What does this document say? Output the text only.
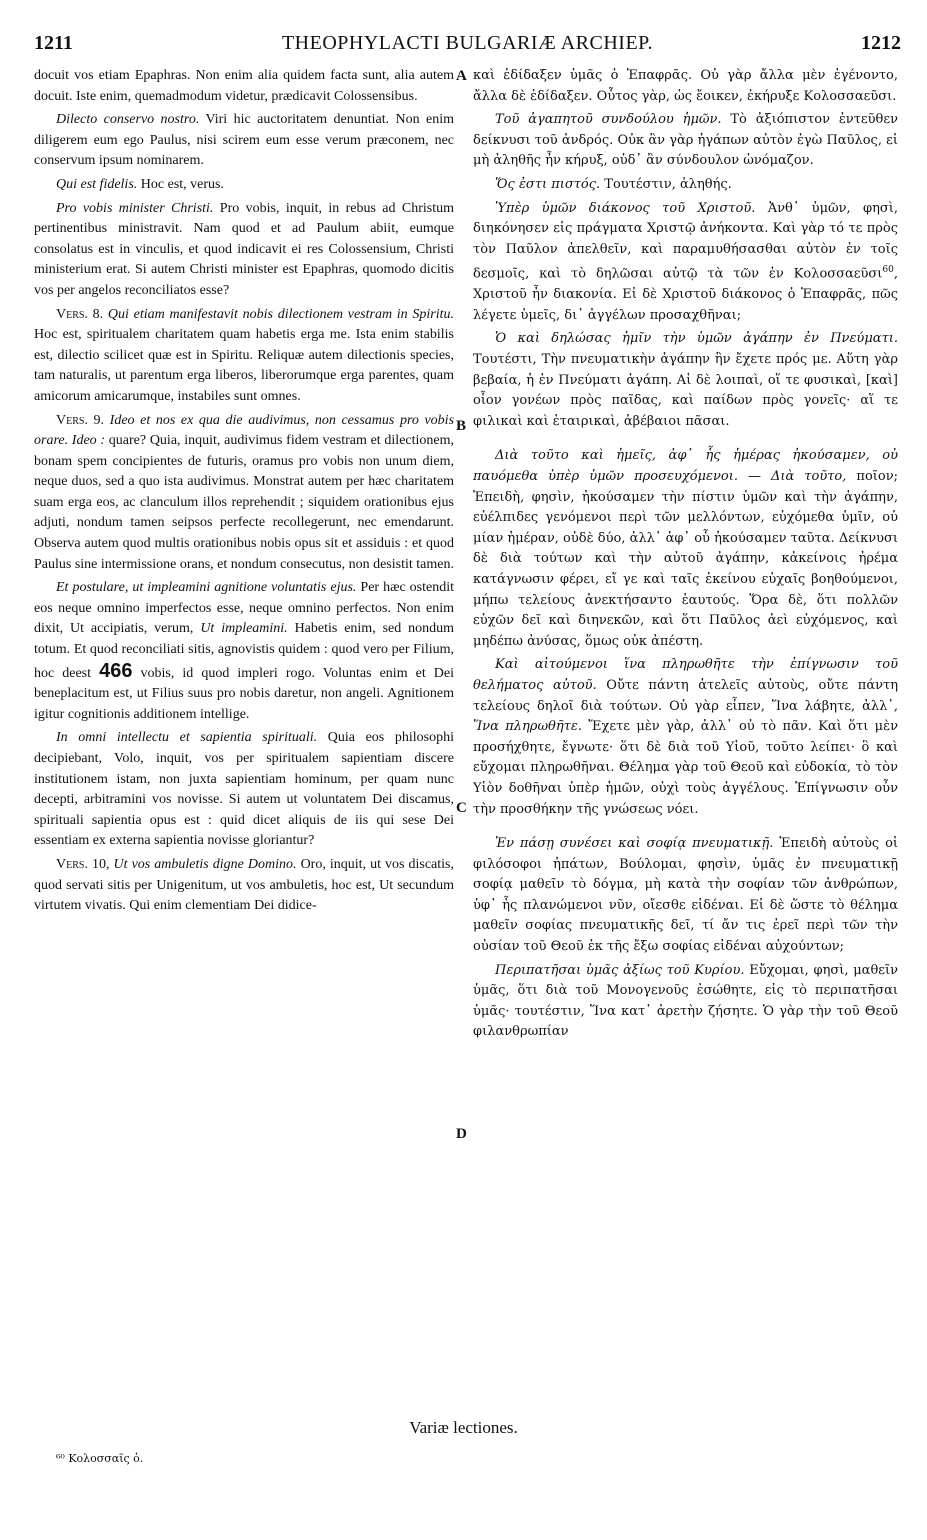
1211	THEOPHYLACTI BULGARIÆ ARCHIEP.	1212

docuit vos etiam Epaphras. Non enim alia quidem facta sunt, alia autem docuit. Iste enim, quemadmodum videtur, prædicavit Colossensibus.

Dilecto conservo nostro. Viri hic auctoritatem denuntiat. Non enim diligerem eum ego Paulus, nisi scirem eum esse verum præconem, nec conservum ipsum nominarem.

Qui est fidelis. Hoc est, verus.

Pro vobis minister Christi. Pro vobis, inquit, in rebus ad Christum pertinentibus ministravit. Nam quod et ad Paulum abiit, eumque consolatus est in vinculis, et quod indicavit ei res Colossensium, Christi ministerium erat. Si autem Christi minister est Epaphras, quomodo dicitis vos per angelos reconciliatos esse?

Vers. 8. Qui etiam manifestavit nobis dilectionem vestram in Spiritu. Hoc est, spiritualem charitatem quam habetis erga me. Ista enim stabilis est, dilectio scilicet quæ est in Spiritu. Reliquæ autem dilectionis species, tam naturalis, ut parentum erga liberos, liberorumque erga parentes, quam amicorum amicarumque, instabiles sunt omnes.

Vers. 9. Ideo et nos ex qua die audivimus, non cessamus pro vobis orare. Ideo : quare? Quia, inquit, audivimus fidem vestram et dilectionem, bonam spem concipientes de futuris, oramus pro vobis non unum diem, neque duos, sed a quo ista audivimus. Monstrat autem per hæc charitatem suam erga eos, ac clanculum illos reprehendit ; siquidem orationibus ejus adjuti, nondum tamen seipsos perfecte recollegerunt, nec emendarunt. Observa autem quod multis orationibus nobis opus sit et assiduis : et quod Paulus sine intermissione orans, et nondum consecutus, non desistit tamen.

Et postulare, ut impleamini agnitione voluntatis ejus. Per hæc ostendit eos neque omnino imperfectos esse, neque omnino perfectos. Non enim dixit, Ut accipiatis, verum, Ut impleamini. Habetis enim, sed nondum totum. Et quod reconciliati sitis, agnovistis quidem : quod vero per Filium, hoc deest 466 vobis, id quod impleri rogo. Voluntas enim et Dei beneplacitum est, ut Filius suus pro nobis daretur, non angeli. Agnitionem igitur cognitionis additionem intellige.

In omni intellectu et sapientia spirituali. Quia eos philosophi decipiebant, Volo, inquit, vos per spiritualem sapientiam discere institutionem istam, non juxta sapientiam hominum, per quam nunc decepti, arbitramini vos novisse. Si autem ut voluntatem Dei discamus, spirituali sapientia opus est : quid dicet aliquis de iis qui sese Dei essentiam ex externa sapientia novisse gloriantur?

Vers. 10, Ut vos ambuletis digne Domino. Oro, inquit, ut vos discatis, quod servati sitis per Unigenitum, ut vos ambuletis, hoc est, Ut secundum virtutem vivatis. Qui enim clementiam Dei didice-

A
B
C
D

καὶ ἐδίδαξεν ὑμᾶς ὁ Ἐπαφρᾶς. Οὐ γὰρ ἄλλα μὲν ἐγένοντο, ἄλλα δὲ ἐδίδαξεν. Οὗτος γὰρ, ὡς ἔοικεν, ἐκήρυξε Κολοσσαεῦσι.

Τοῦ ἀγαπητοῦ συνδούλου ἡμῶν. Τὸ ἀξιόπιστον ἐντεῦθεν δείκνυσι τοῦ ἀνδρός. Οὐκ ἂν γὰρ ἠγάπων αὐτὸν ἐγὼ Παῦλος, εἰ μὴ ἀληθῆς ἦν κήρυξ, οὐδ᾽ ἂν σύνδουλον ὠνόμαζον.

Ὅς ἐστι πιστός. Τουτέστιν, ἀληθής.

Ὑπὲρ ὑμῶν διάκονος τοῦ Χριστοῦ. Ἀνθ᾽ ὑμῶν, φησὶ, διηκόνησεν εἰς πράγματα Χριστῷ ἀνήκοντα. Καὶ γὰρ τό τε πρὸς τὸν Παῦλον ἀπελθεῖν, καὶ παραμυθήσασθαι αὐτὸν ἐν τοῖς δεσμοῖς, καὶ τὸ δηλῶσαι αὐτῷ τὰ τῶν ἐν Κολοσσαεῦσι$^{60}$, Χριστοῦ ἦν διακονία. Εἰ δὲ Χριστοῦ διάκονος ὁ Ἐπαφρᾶς, πῶς λέγετε ὑμεῖς, δι᾽ ἀγγέλων προσαχθῆναι;

Ὁ καὶ δηλώσας ἡμῖν τὴν ὑμῶν ἀγάπην ἐν Πνεύματι. Τουτέστι, Τὴν πνευματικὴν ἀγάπην ἣν ἔχετε πρός με. Αὕτη γὰρ βεβαία, ἡ ἐν Πνεύματι ἀγάπη. Αἱ δὲ λοιπαὶ, οἵ τε φυσικαὶ, [καὶ] οἷον γονέων πρὸς παῖδας, καὶ παίδων πρὸς γονεῖς· αἵ τε φιλικαὶ καὶ ἑταιρικαὶ, ἀβέβαιοι πᾶσαι.

Διὰ τοῦτο καὶ ἡμεῖς, ἀφ᾽ ἧς ἡμέρας ἠκούσαμεν, οὐ παυόμεθα ὑπὲρ ὑμῶν προσευχόμενοι. — Διὰ τοῦτο, ποῖον; Ἐπειδὴ, φησὶν, ἠκούσαμεν τὴν πίστιν ὑμῶν καὶ τὴν ἀγάπην, εὐέλπιδες γενόμενοι περὶ τῶν μελλόντων, εὐχόμεθα ὑμῖν, οὐ μίαν ἡμέραν, οὐδὲ δύο, ἀλλ᾽ ἀφ᾽ οὗ ἠκούσαμεν ταῦτα. Δείκνυσι δὲ διὰ τούτων καὶ τὴν αὐτοῦ ἀγάπην, κἀκείνοις ἠρέμα κατάγνωσιν φέρει, εἴ γε καὶ ταῖς ἐκείνου εὐχαῖς βοηθούμενοι, μήπω τελείους ἀνεκτήσαντο ἑαυτούς. Ὅρα δὲ, ὅτι πολλῶν εὐχῶν δεῖ καὶ διηνεκῶν, καὶ ὅτι Παῦλος ἀεὶ εὐχόμενος, καὶ μηδέπω ἀνύσας, ὅμως οὐκ ἀπέστη.

Καὶ αἰτούμενοι ἵνα πληρωθῆτε τὴν ἐπίγνωσιν τοῦ θελήματος αὐτοῦ. Οὔτε πάντη ἀτελεῖς αὐτοὺς, οὔτε πάντη τελείους δηλοῖ διὰ τούτων. Οὐ γὰρ εἶπεν, Ἵνα λάβητε, ἀλλ᾽, Ἵνα πληρωθῆτε. Ἔχετε μὲν γὰρ, ἀλλ᾽ οὐ τὸ πᾶν. Καὶ ὅτι μὲν προσήχθητε, ἔγνωτε· ὅτι δὲ διὰ τοῦ Υἱοῦ, τοῦτο λείπει· ὃ καὶ εὔχομαι πληρωθῆναι. Θέλημα γὰρ τοῦ Θεοῦ καὶ εὐδοκία, τὸ τὸν Υἱὸν δοθῆναι ὑπὲρ ἡμῶν, οὐχὶ τοὺς ἀγγέλους. Ἐπίγνωσιν οὖν τὴν προσθήκην τῆς γνώσεως νόει.

Ἐν πάσῃ συνέσει καὶ σοφίᾳ πνευματικῇ. Ἐπειδὴ αὐτοὺς οἱ φιλόσοφοι ἠπάτων, Βούλομαι, φησὶν, ὑμᾶς ἐν πνευματικῇ σοφίᾳ μαθεῖν τὸ δόγμα, μὴ κατὰ τὴν σοφίαν τῶν ἀνθρώπων, ὑφ᾽ ἧς πλανώμενοι νῦν, οἴεσθε εἰδέναι. Εἰ δὲ ὥστε τὸ θέλημα μαθεῖν σοφίας πνευματικῆς δεῖ, τί ἄν τις ἐρεῖ περὶ τῶν τὴν οὐσίαν τοῦ Θεοῦ ἐκ τῆς ἔξω σοφίας εἰδέναι αὐχούντων;

Περιπατῆσαι ὑμᾶς ἀξίως τοῦ Κυρίου. Εὔχομαι, φησὶ, μαθεῖν ὑμᾶς, ὅτι διὰ τοῦ Μονογενοῦς ἐσώθητε, εἰς τὸ περιπατῆσαι ὑμᾶς· τουτέστιν, Ἵνα κατ᾽ ἀρετὴν ζήσητε. Ὁ γὰρ τὴν τοῦ Θεοῦ φιλανθρωπίαν

Variæ lectiones.
⁶⁰ Κολοσσαῖς ὁ.
